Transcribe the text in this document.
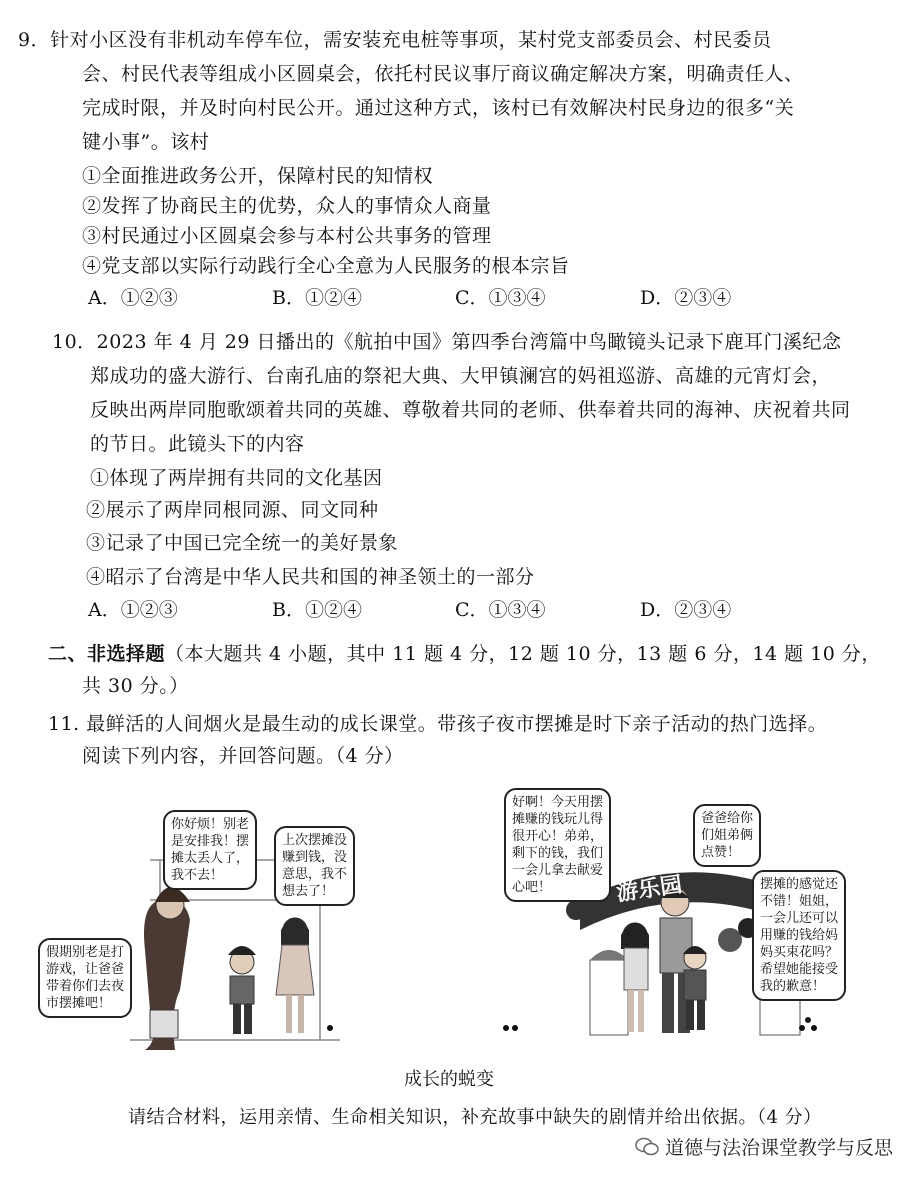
9．针对小区没有非机动车停车位，需安装充电桩等事项，某村党支部委员会、村民委员
会、村民代表等组成小区圆桌会，依托村民议事厅商议确定解决方案，明确责任人、
完成时限，并及时向村民公开。通过这种方式，该村已有效解决村民身边的很多“关
键小事”。该村
①全面推进政务公开，保障村民的知情权
②发挥了协商民主的优势，众人的事情众人商量
③村民通过小区圆桌会参与本村公共事务的管理
④党支部以实际行动践行全心全意为人民服务的根本宗旨
A．①②③	B．①②④	C．①③④	D．②③④
10．2023 年 4 月 29 日播出的《航拍中国》第四季台湾篇中鸟瞰镜头记录下鹿耳门溪纪念
郑成功的盛大游行、台南孔庙的祭祀大典、大甲镇澜宫的妈祖巡游、高雄的元宵灯会，
反映出两岸同胞歌颂着共同的英雄、尊敬着共同的老师、供奉着共同的海神、庆祝着共同
的节日。此镜头下的内容
①体现了两岸拥有共同的文化基因
②展示了两岸同根同源、同文同种
③记录了中国已完全统一的美好景象
④昭示了台湾是中华人民共和国的神圣领土的一部分
A．①②③	B．①②④	C．①③④	D．②③④
二、非选择题（本大题共 4 小题，其中 11 题 4 分，12 题 10 分，13 题 6 分，14 题 10 分，
共 30 分。）
11. 最鲜活的人间烟火是最生动的成长课堂。带孩子夜市摆摊是时下亲子活动的热门选择。
阅读下列内容，并回答问题。（4 分）
你好烦！别老
是安排我！摆
摊太丢人了，
我不去！
上次摆摊没
赚到钱，没
意思，我不
想去了！
假期别老是打
游戏，让爸爸
带着你们去夜
市摆摊吧！
好啊！今天用摆
摊赚的钱玩儿得
很开心！弟弟，
剩下的钱，我们
一会儿拿去献爱
心吧！
爸爸给你
们姐弟俩
点赞！
摆摊的感觉还
不错！姐姐，
一会儿还可以
用赚的钱给妈
妈买束花吗？
希望她能接受
我的歉意！
游乐园
成长的蜕变
请结合材料，运用亲情、生命相关知识，补充故事中缺失的剧情并给出依据。（4 分）
道德与法治课堂教学与反思
